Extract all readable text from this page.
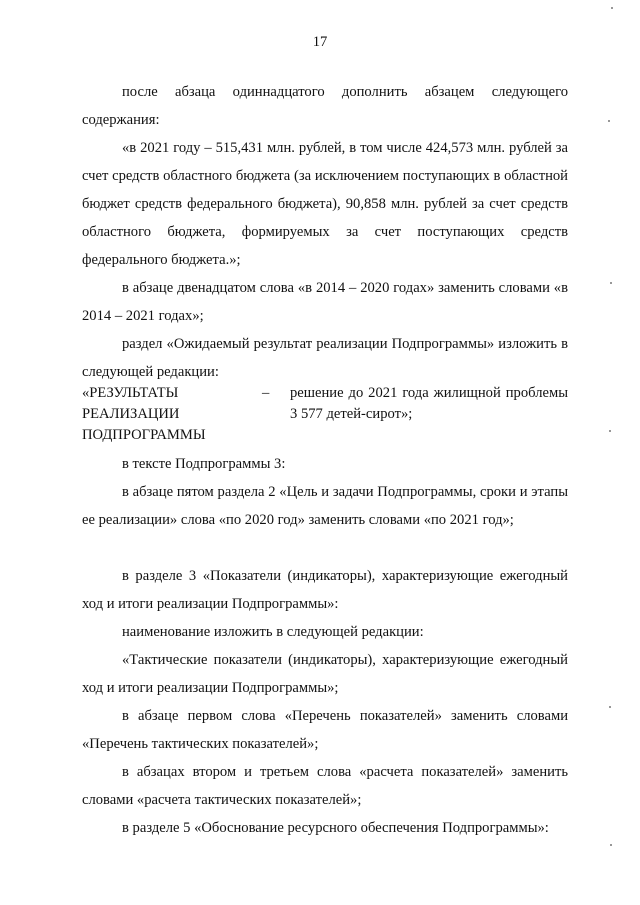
17
после абзаца одиннадцатого дополнить абзацем следующего содержания:
«в 2021 году – 515,431 млн. рублей, в том числе 424,573 млн. рублей за счет средств областного бюджета (за исключением поступающих в областной бюджет средств федерального бюджета), 90,858 млн. рублей за счет средств областного бюджета, формируемых за счет поступающих средств федерального бюджета.»;
в абзаце двенадцатом слова «в 2014 – 2020 годах» заменить словами «в 2014 – 2021 годах»;
раздел «Ожидаемый результат реализации Подпрограммы» изложить в следующей редакции:
«РЕЗУЛЬТАТЫ РЕАЛИЗАЦИИ ПОДПРОГРАММЫ
–	решение до 2021 года жилищной проблемы 3 577 детей-сирот»;
в тексте Подпрограммы 3:
в абзаце пятом раздела 2 «Цель и задачи Подпрограммы, сроки и этапы ее реализации» слова «по 2020 год» заменить словами «по 2021 год»;
в разделе 3 «Показатели (индикаторы), характеризующие ежегодный ход и итоги реализации Подпрограммы»:
наименование изложить в следующей редакции:
«Тактические показатели (индикаторы), характеризующие ежегодный ход и итоги реализации Подпрограммы»;
в абзаце первом слова «Перечень показателей» заменить словами «Перечень тактических показателей»;
в абзацах втором и третьем слова «расчета показателей» заменить словами «расчета тактических показателей»;
в разделе 5 «Обоснование ресурсного обеспечения Подпрограммы»:
